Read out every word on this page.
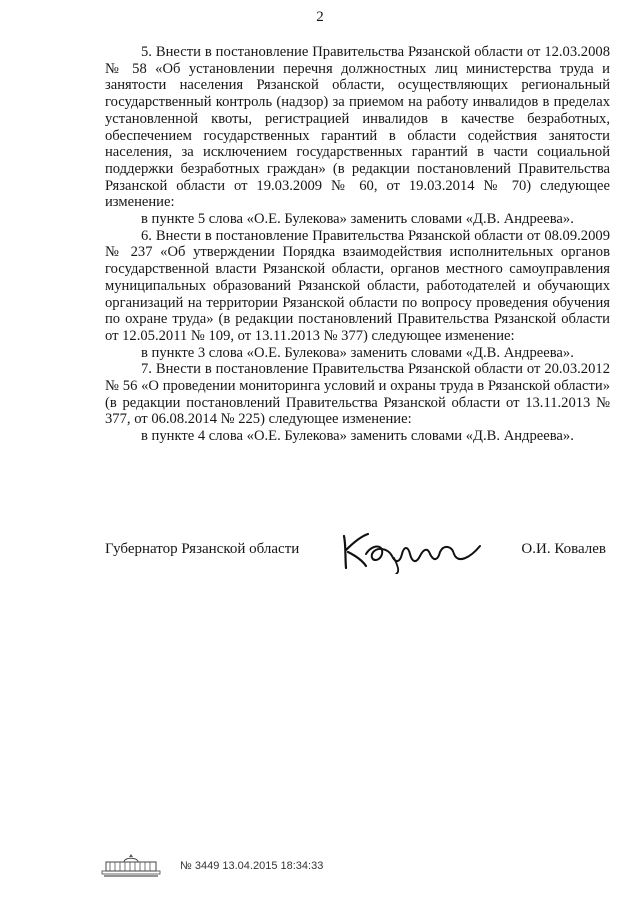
2

5. Внести в постановление Правительства Рязанской области от 12.03.2008 № 58 «Об установлении перечня должностных лиц министерства труда и занятости населения Рязанской области, осуществляющих региональный государственный контроль (надзор) за приемом на работу инвалидов в пределах установленной квоты, регистрацией инвалидов в качестве безработных, обеспечением государственных гарантий в области содействия занятости населения, за исключением государственных гарантий в части социальной поддержки безработных граждан» (в редакции постановлений Правительства Рязанской области от 19.03.2009 № 60, от 19.03.2014 № 70) следующее изменение:

в пункте 5 слова «О.Е. Булекова» заменить словами «Д.В. Андреева».

6. Внести в постановление Правительства Рязанской области от 08.09.2009 № 237 «Об утверждении Порядка взаимодействия исполнительных органов государственной власти Рязанской области, органов местного самоуправления муниципальных образований Рязанской области, работодателей и обучающих организаций на территории Рязанской области по вопросу проведения обучения по охране труда» (в редакции постановлений Правительства Рязанской области от 12.05.2011 № 109, от 13.11.2013 № 377) следующее изменение:

в пункте 3 слова «О.Е. Булекова» заменить словами «Д.В. Андреева».

7. Внести в постановление Правительства Рязанской области от 20.03.2012 № 56 «О проведении мониторинга условий и охраны труда в Рязанской области» (в редакции постановлений Правительства Рязанской области от 13.11.2013 № 377, от 06.08.2014 № 225) следующее изменение:

в пункте 4 слова «О.Е. Булекова» заменить словами «Д.В. Андреева».

Губернатор Рязанской области	О.И. Ковалев
№ 3449 13.04.2015 18:34:33
